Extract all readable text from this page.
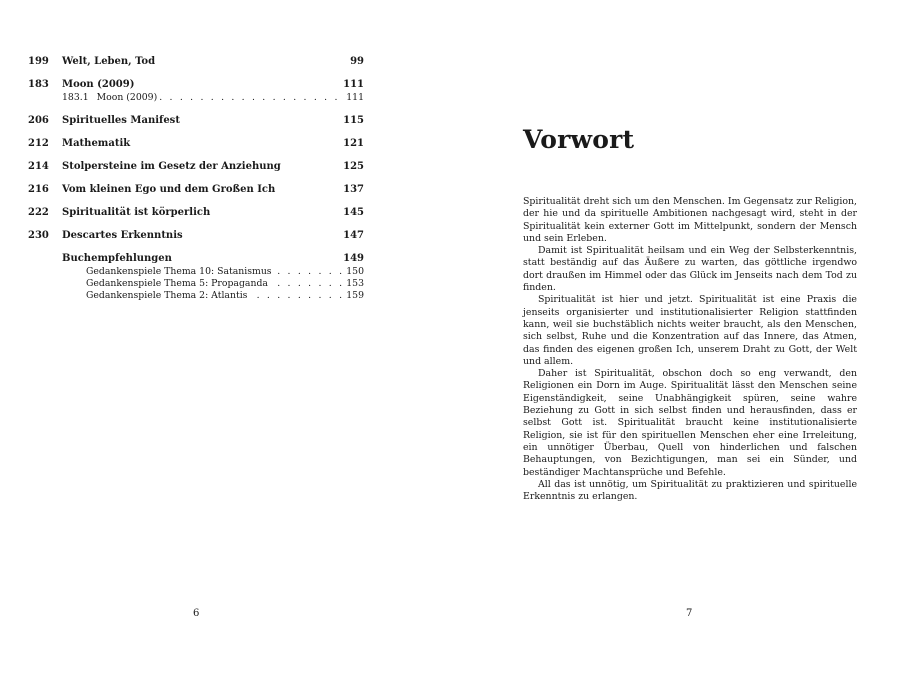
199 Welt, Leben, Tod	99
183 Moon (2009)	111
183.1 Moon (2009) . . .	111
206 Spirituelles Manifest	115
212 Mathematik	121
214 Stolpersteine im Gesetz der Anziehung	125
216 Vom kleinen Ego und dem Großen Ich	137
222 Spiritualität ist körperlich	145
230 Descartes Erkenntnis	147
Buchempfehlungen	149
Gedankenspiele Thema 10: Satanismus . . .	150
Gedankenspiele Thema 5: Propaganda . . .	153
Gedankenspiele Thema 2: Atlantis . . .	159
6
Vorwort

Spiritualität dreht sich um den Menschen. Im Gegensatz zur Religion, der hie und da spirituelle Ambitionen nachgesagt wird, steht in der Spiritualität kein externer Gott im Mittelpunkt, sondern der Mensch und sein Erleben.

Damit ist Spiritualität heilsam und ein Weg der Selbsterkenntnis, statt beständig auf das Äußere zu warten, das göttliche irgendwo dort draußen im Himmel oder das Glück im Jenseits nach dem Tod zu finden.

Spiritualität ist hier und jetzt. Spiritualität ist eine Praxis die jenseits organisierter und institutionalisierter Religion stattfinden kann, weil sie buchstäblich nichts weiter braucht, als den Menschen, sich selbst, Ruhe und die Konzentration auf das Innere, das Atmen, das finden des eigenen großen Ich, unserem Draht zu Gott, der Welt und allem.

Daher ist Spiritualität, obschon doch so eng verwandt, den Religionen ein Dorn im Auge. Spiritualität lässt den Menschen seine Eigenständigkeit, seine Unabhängigkeit spüren, seine wahre Beziehung zu Gott in sich selbst finden und herausfinden, dass er selbst Gott ist. Spiritualität braucht keine institutionalisierte Religion, sie ist für den spirituellen Menschen eher eine Irreleitung, ein unnötiger Überbau, Quell von hinderlichen und falschen Behauptungen, von Bezichtigungen, man sei ein Sünder, und beständiger Machtansprüche und Befehle.

All das ist unnötig, um Spiritualität zu praktizieren und spirituelle Erkenntnis zu erlangen.

7
